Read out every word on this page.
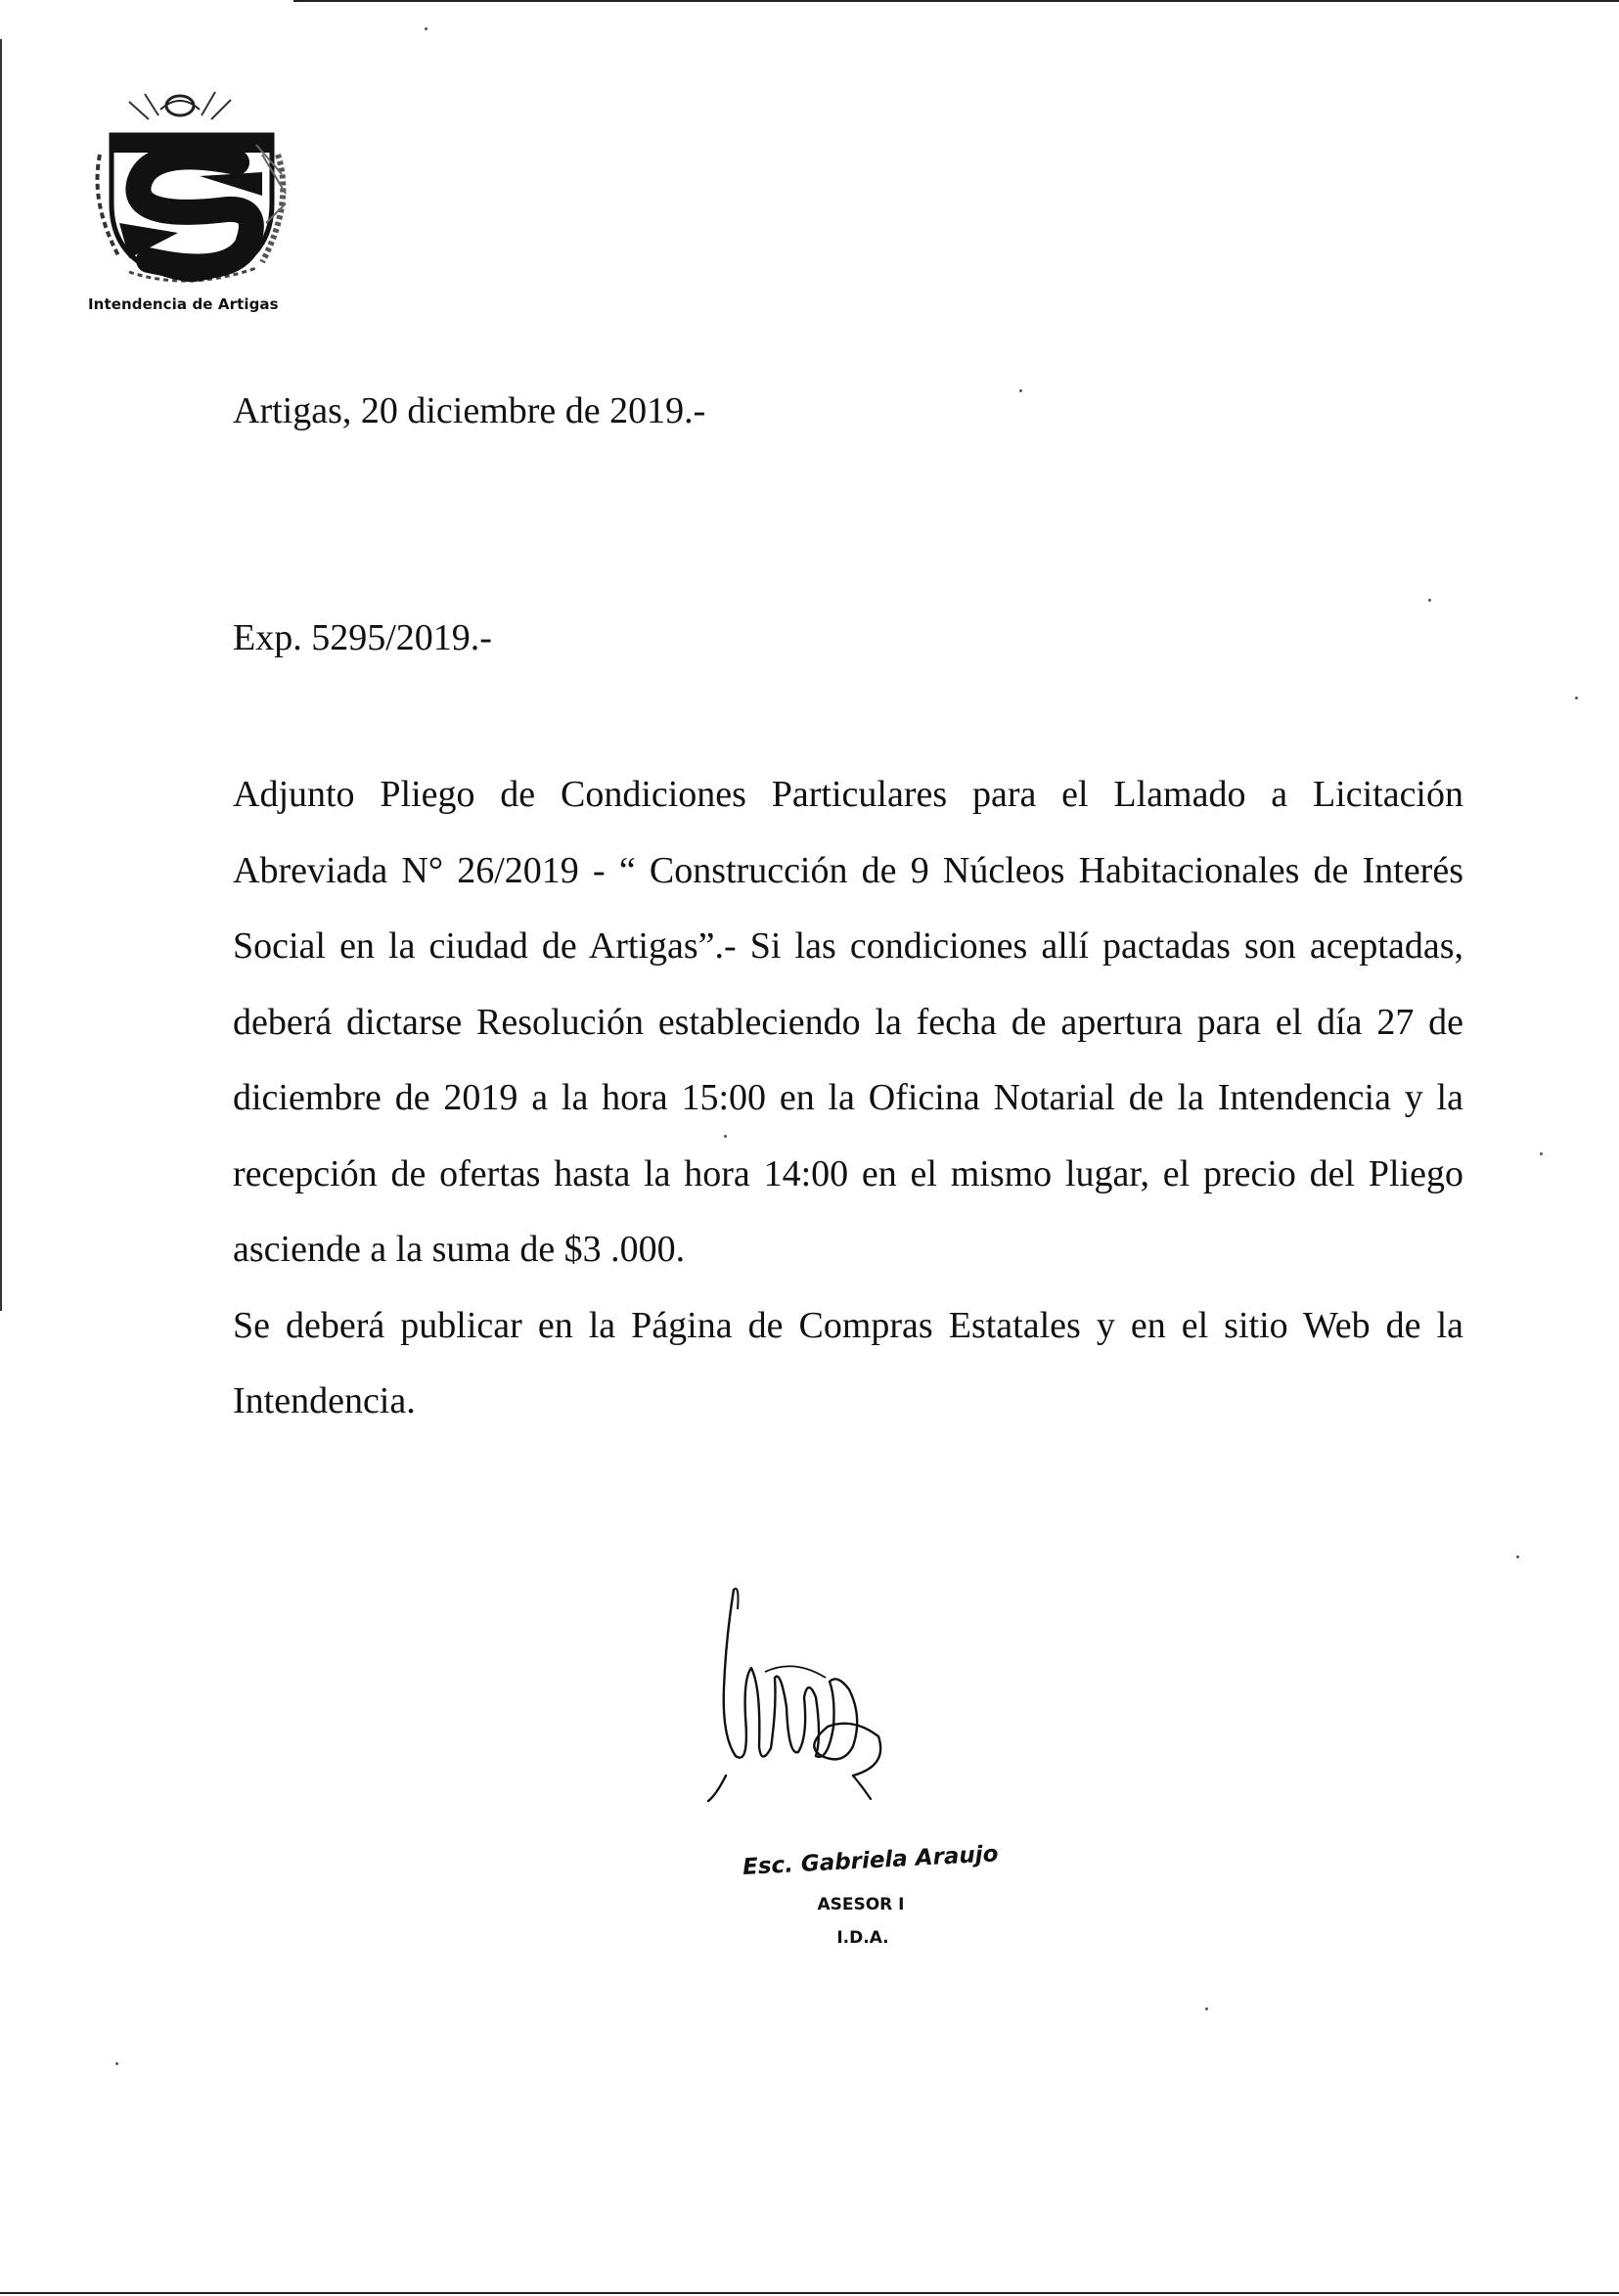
Intendencia de Artigas
Artigas, 20 diciembre de 2019.-
Exp. 5295/2019.-

Adjunto Pliego de Condiciones Particulares para el Llamado a Licitación Abreviada N° 26/2019 - “ Construcción de 9 Núcleos Habitacionales de Interés Social en la ciudad de Artigas”.- Si las condiciones allí pactadas son aceptadas, deberá dictarse Resolución estableciendo la fecha de apertura para el día 27 de diciembre de 2019 a la hora 15:00 en la Oficina Notarial de la Intendencia y la recepción de ofertas hasta la hora 14:00 en el mismo lugar, el precio del Pliego asciende a la suma de $3 .000.

Se deberá publicar en la Página de Compras Estatales y en el sitio Web de la Intendencia.

Esc. Gabriela Araujo
ASESOR I
I.D.A.
